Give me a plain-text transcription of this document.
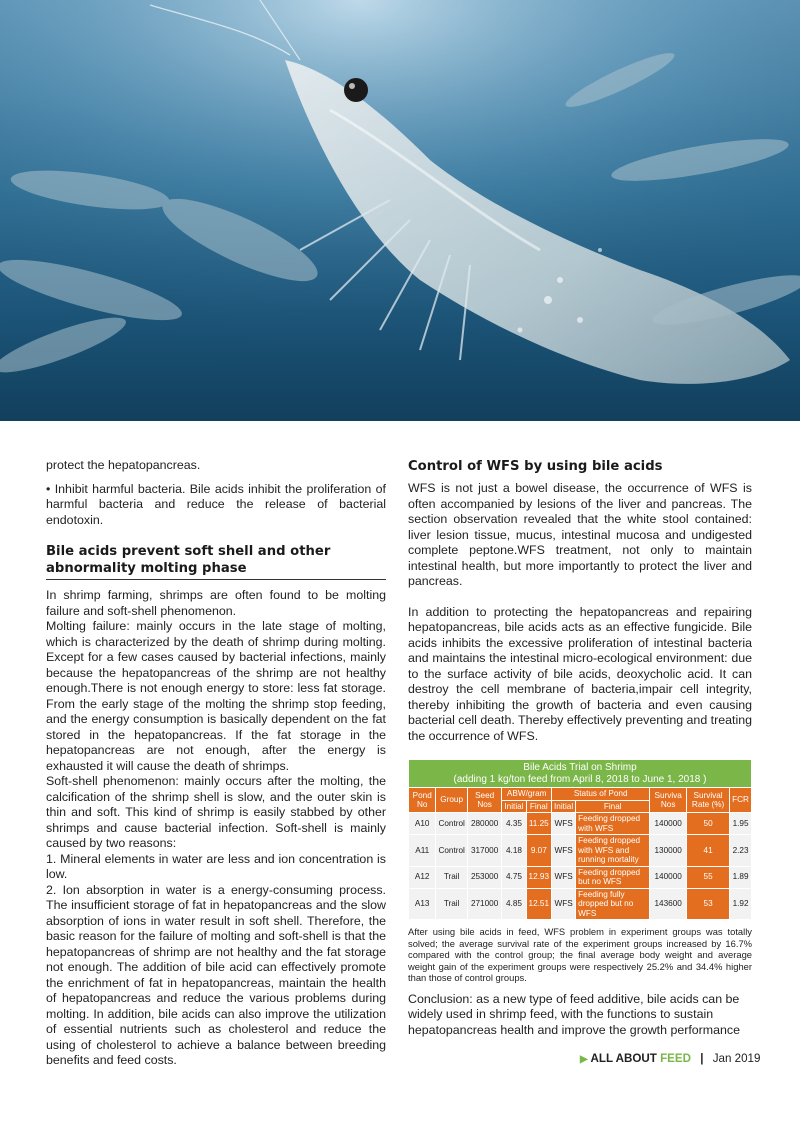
protect the hepatopancreas.

• Inhibit harmful bacteria. Bile acids inhibit the proliferation of harmful bacteria and reduce the release of bacterial endotoxin.

Bile acids prevent soft shell and other abnormality molting phase

In shrimp farming, shrimps are often found to be molting failure and soft-shell phenomenon.

Molting failure: mainly occurs in the late stage of molting, which is characterized by the death of shrimp during molting. Except for a few cases caused by bacterial infections, mainly because the hepatopancreas of the shrimp are not healthy enough.There is not enough energy to store: less fat storage. From the early stage of the molting the shrimp stop feeding, and the energy consumption is basically dependent on the fat stored in the hepatopancreas. If the fat storage in the hepatopancreas are not enough, after the energy is exhausted it will cause the death of shrimps.

Soft-shell phenomenon: mainly occurs after the molting, the calcification of the shrimp shell is slow, and the outer skin is thin and soft. This kind of shrimp is easily stabbed by other shrimps and cause bacterial infection. Soft-shell is mainly caused by two reasons:

1. Mineral elements in water are less and ion concentration is low.

2. Ion absorption in water is a energy-consuming process. The insufficient storage of fat in hepatopancreas and the slow absorption of ions in water result in soft shell. Therefore, the basic reason for the failure of molting and soft-shell is that the hepatopancreas of shrimp are not healthy and the fat storage not enough. The addition of bile acid can effectively promote the enrichment of fat in hepatopancreas, maintain the health of hepatopancreas and reduce the various problems during molting. In addition, bile acids can also improve the utilization of essential nutrients such as cholesterol and reduce the using of cholesterol to achieve a balance between breeding benefits and feed costs.

Control of WFS by using bile acids

WFS is not just a bowel disease, the occurrence of WFS is often accompanied by lesions of the liver and pancreas. The section observation revealed that the white stool contained: liver lesion tissue, mucus, intestinal mucosa and undigested complete peptone.WFS treatment, not only to maintain intestinal health, but more importantly to protect the liver and pancreas.

In addition to protecting the hepatopancreas and repairing hepatopancreas, bile acids acts as an effective fungicide. Bile acids inhibits the excessive proliferation of intestinal bacteria and maintains the intestinal micro-ecological environment: due to the surface activity of bile acids, deoxycholic acid. It can destroy the cell membrane of bacteria,impair cell integrity, thereby inhibiting the growth of bacteria and even causing bacterial cell death. Thereby effectively preventing and treating the occurrence of WFS.

Bile Acids Trial on Shrimp
(adding 1 kg/ton feed from April 8, 2018 to June 1, 2018 )									
Pond No	Group	Seed Nos	ABW/gram		Status of Pond		Surviva Nos	Survival Rate (%)	FCR
			Initial	Final	Initial	Final			
A10	Control	280000	4.35	11.25	WFS	Feeding dropped with WFS	140000	50	1.95
A11	Control	317000	4.18	9.07	WFS	Feeding dropped with WFS and running mortality	130000	41	2.23
A12	Trail	253000	4.75	12.93	WFS	Feeding dropped but no WFS	140000	55	1.89
A13	Trail	271000	4.85	12.51	WFS	Feeding fully dropped but no WFS	143600	53	1.92

After using bile acids in feed, WFS problem in experiment groups was totally solved; the average survival rate of the experiment groups increased by 16.7% compared with the control group; the final average body weight and average weight gain of the experiment groups were respectively 25.2% and 34.4% higher than those of control groups.

Conclusion: as a new type of feed additive, bile acids can be widely used in shrimp feed, with the functions to sustain hepatopancreas health and improve the growth performance

▶ ALL ABOUT FEED | Jan 2019
